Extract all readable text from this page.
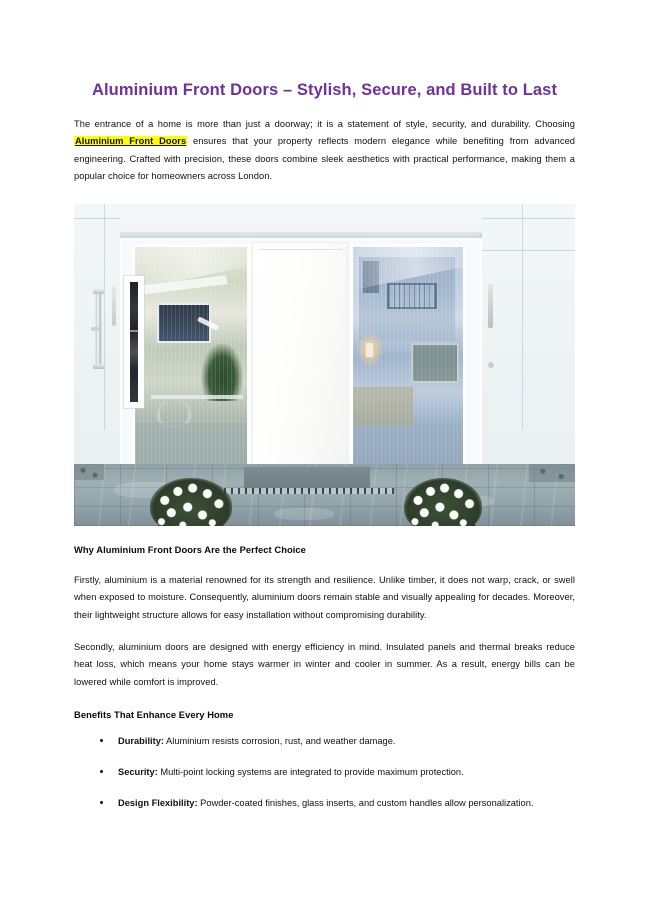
Aluminium Front Doors – Stylish, Secure, and Built to Last

The entrance of a home is more than just a doorway; it is a statement of style, security, and durability. Choosing Aluminium Front Doors ensures that your property reflects modern elegance while benefiting from advanced engineering. Crafted with precision, these doors combine sleek aesthetics with practical performance, making them a popular choice for homeowners across London.

Why Aluminium Front Doors Are the Perfect Choice

Firstly, aluminium is a material renowned for its strength and resilience. Unlike timber, it does not warp, crack, or swell when exposed to moisture. Consequently, aluminium doors remain stable and visually appealing for decades. Moreover, their lightweight structure allows for easy installation without compromising durability.

Secondly, aluminium doors are designed with energy efficiency in mind. Insulated panels and thermal breaks reduce heat loss, which means your home stays warmer in winter and cooler in summer. As a result, energy bills can be lowered while comfort is improved.

Benefits That Enhance Every Home
Durability: Aluminium resists corrosion, rust, and weather damage.
Security: Multi-point locking systems are integrated to provide maximum protection.
Design Flexibility: Powder-coated finishes, glass inserts, and custom handles allow personalization.
